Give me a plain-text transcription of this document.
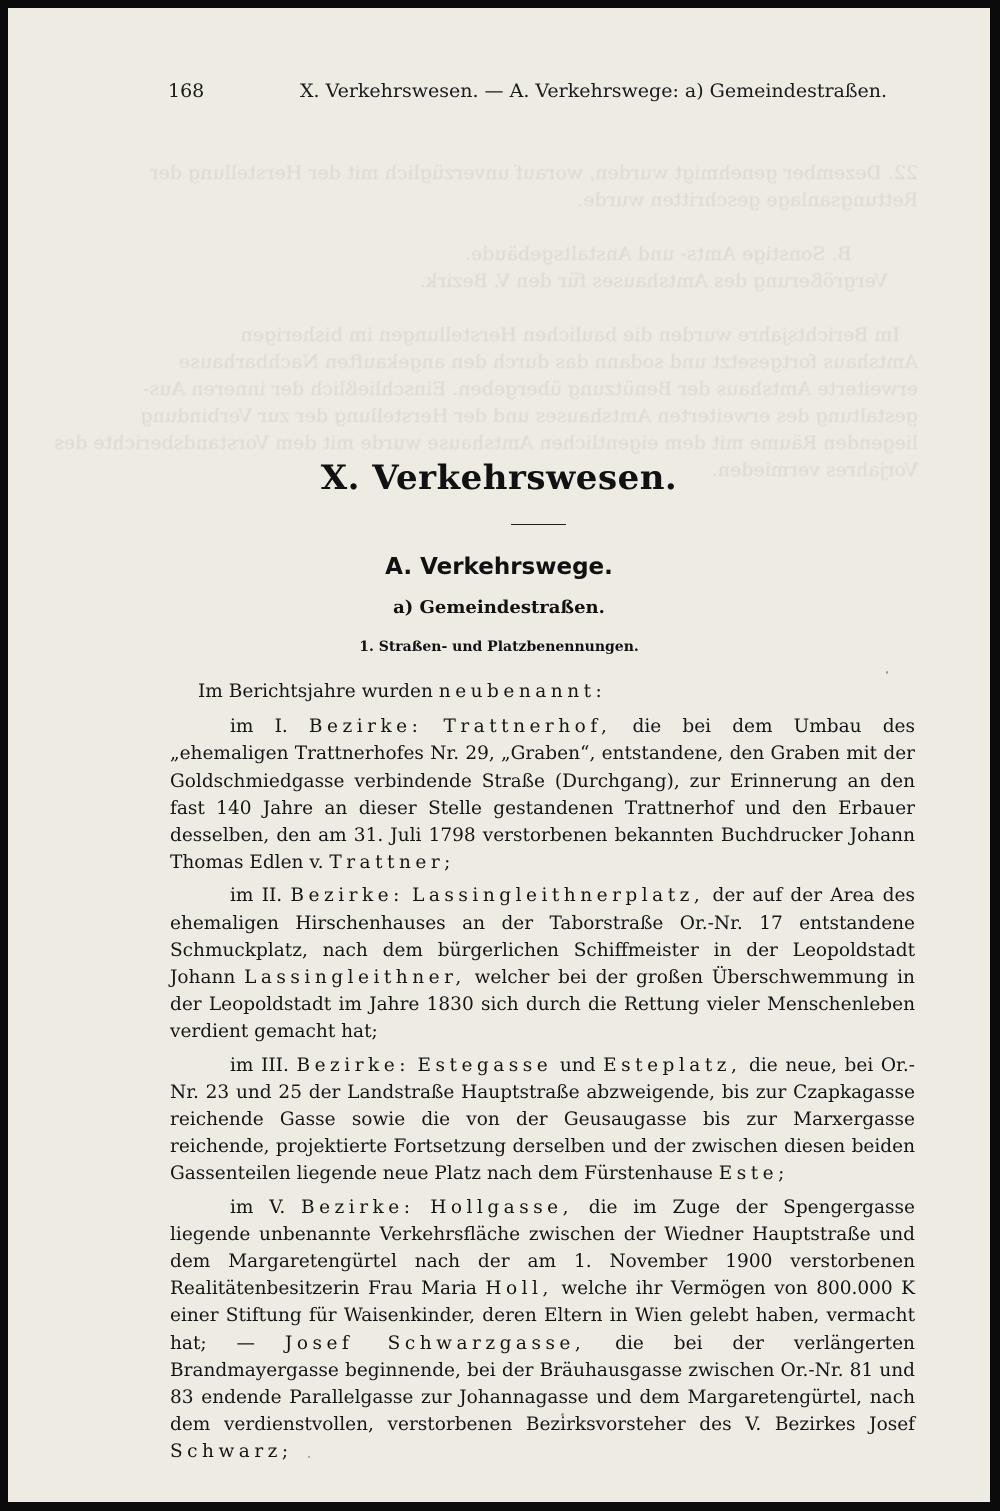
22. Dezember genehmigt wurden, worauf unverzüglich mit der Herstellung der
Rettungsanlage geschritten wurde.

B. Sonstige Amts- und Anstaltsgebäude.
Vergrößerung des Amtshauses für den V. Bezirk.

Im Berichtsjahre wurden die baulichen Herstellungen im bisherigen
Amtshaus fortgesetzt und sodann das durch den angekauften Nachbarhause
erweiterte Amtshaus der Benützung übergeben. Einschließlich der inneren Aus-
gestaltung des erweiterten Amtshauses und der Herstellung der zur Verbindung
liegenden Räume mit dem eigentlichen Amtshause wurde mit dem Vorstandsberichte des
Vorjahres vermieden.

168	X. Verkehrswesen. — A. Verkehrswege: a) Gemeindestraßen.
X. Verkehrswesen.
A. Verkehrswege.
a) Gemeindestraßen.
1. Straßen- und Platzbenennungen.

Im Berichtsjahre wurden neubenannt:

im I. Bezirke: Trattnerhof, die bei dem Umbau des „ehemaligen Trattnerhofes Nr. 29, „Graben“, entstandene, den Graben mit der Goldschmiedgasse verbindende Straße (Durchgang), zur Erinnerung an den fast 140 Jahre an dieser Stelle gestandenen Trattnerhof und den Erbauer desselben, den am 31. Juli 1798 verstorbenen bekannten Buchdrucker Johann Thomas Edlen v. Trattner;

im II. Bezirke: Lassingleithnerplatz, der auf der Area des ehemaligen Hirschenhauses an der Taborstraße Or.-Nr. 17 entstandene Schmuckplatz, nach dem bürgerlichen Schiffmeister in der Leopoldstadt Johann Lassingleithner, welcher bei der großen Überschwemmung in der Leopoldstadt im Jahre 1830 sich durch die Rettung vieler Menschenleben verdient gemacht hat;

im III. Bezirke: Estegasse und Esteplatz, die neue, bei Or.-Nr. 23 und 25 der Landstraße Hauptstraße abzweigende, bis zur Czapkagasse reichende Gasse sowie die von der Geusaugasse bis zur Marxergasse reichende, projektierte Fortsetzung derselben und der zwischen diesen beiden Gassenteilen liegende neue Platz nach dem Fürstenhause Este;

im V. Bezirke: Hollgasse, die im Zuge der Spengergasse liegende unbenannte Verkehrsfläche zwischen der Wiedner Hauptstraße und dem Margaretengürtel nach der am 1. November 1900 verstorbenen Realitätenbesitzerin Frau Maria Holl, welche ihr Vermögen von 800.000 K einer Stiftung für Waisenkinder, deren Eltern in Wien gelebt haben, vermacht hat; — Josef Schwarzgasse, die bei der verlängerten Brandmayergasse beginnende, bei der Bräuhausgasse zwischen Or.-Nr. 81 und 83 endende Parallelgasse zur Johannagasse und dem Margaretengürtel, nach dem verdienstvollen, verstorbenen Bezirksvorsteher des V. Bezirkes Josef Schwarz;
